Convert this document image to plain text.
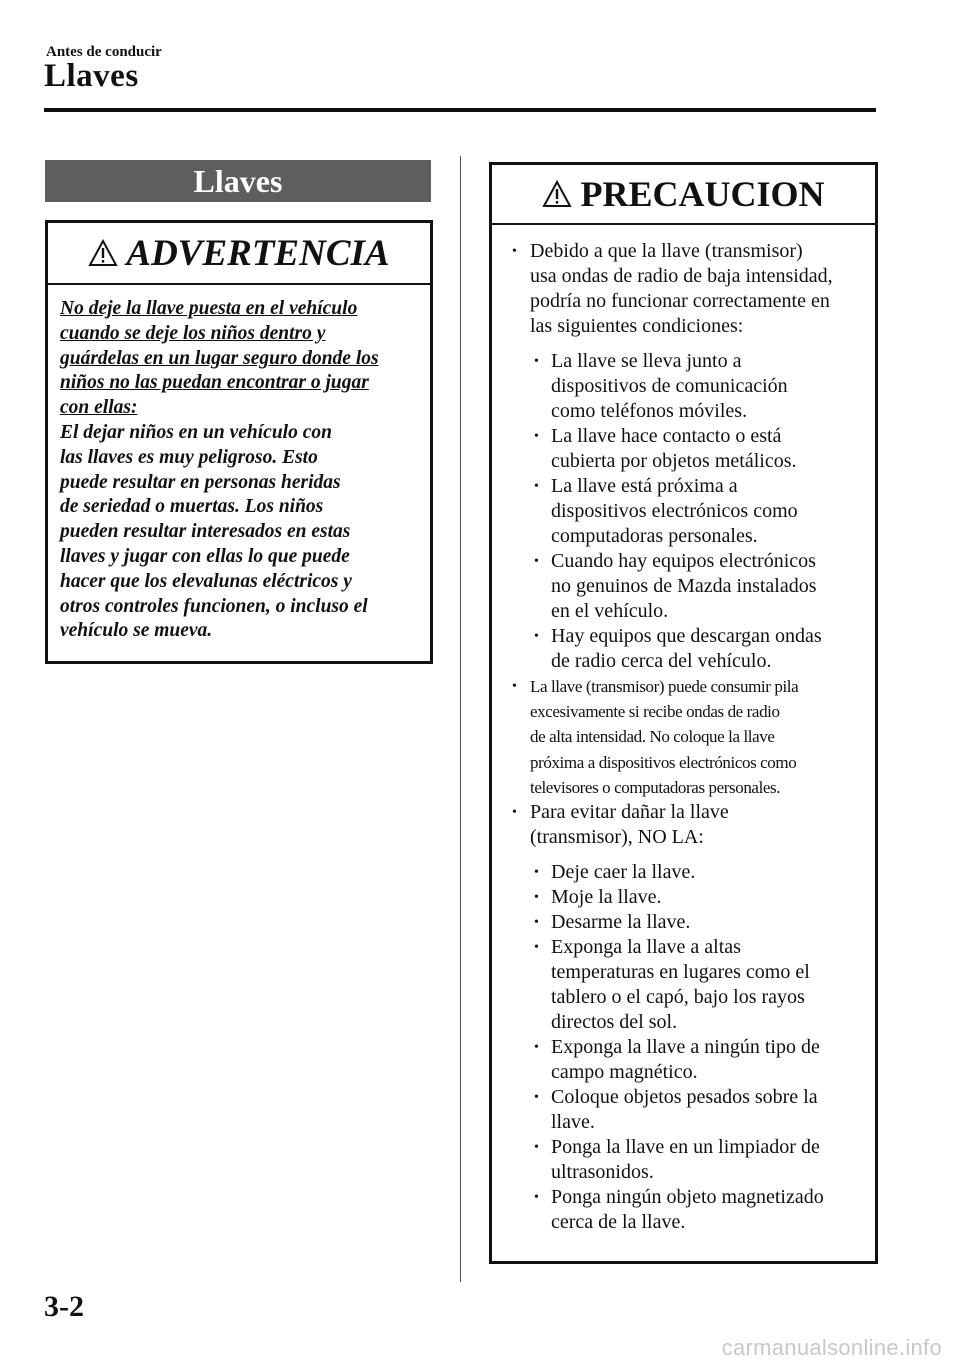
Antes de conducir
Llaves
Llaves
ADVERTENCIA

No deje la llave puesta en el vehículo

cuando se deje los niños dentro y

guárdelas en un lugar seguro donde los

niños no las puedan encontrar o jugar

con ellas:

El dejar niños en un vehículo con

las llaves es muy peligroso. Esto

puede resultar en personas heridas

de seriedad o muertas. Los niños

pueden resultar interesados en estas

llaves y jugar con ellas lo que puede

hacer que los elevalunas eléctricos y

otros controles funcionen, o incluso el

vehículo se mueva.

PRECAUCION
• Debido a que la llave (transmisor)
usa ondas de radio de baja intensidad,
podría no funcionar correctamente en
las siguientes condiciones:
• La llave se lleva junto a
dispositivos de comunicación
como teléfonos móviles.
• La llave hace contacto o está
cubierta por objetos metálicos.
• La llave está próxima a
dispositivos electrónicos como
computadoras personales.
• Cuando hay equipos electrónicos
no genuinos de Mazda instalados
en el vehículo.
• Hay equipos que descargan ondas
de radio cerca del vehículo.
• La llave (transmisor) puede consumir pila
excesivamente si recibe ondas de radio
de alta intensidad. No coloque la llave
próxima a dispositivos electrónicos como
televisores o computadoras personales.
• Para evitar dañar la llave
(transmisor), NO LA:
• Deje caer la llave.
• Moje la llave.
• Desarme la llave.
• Exponga la llave a altas
temperaturas en lugares como el
tablero o el capó, bajo los rayos
directos del sol.
• Exponga la llave a ningún tipo de
campo magnético.
• Coloque objetos pesados sobre la
llave.
• Ponga la llave en un limpiador de
ultrasonidos.
• Ponga ningún objeto magnetizado
cerca de la llave.
3-2
carmanualsonline.info
